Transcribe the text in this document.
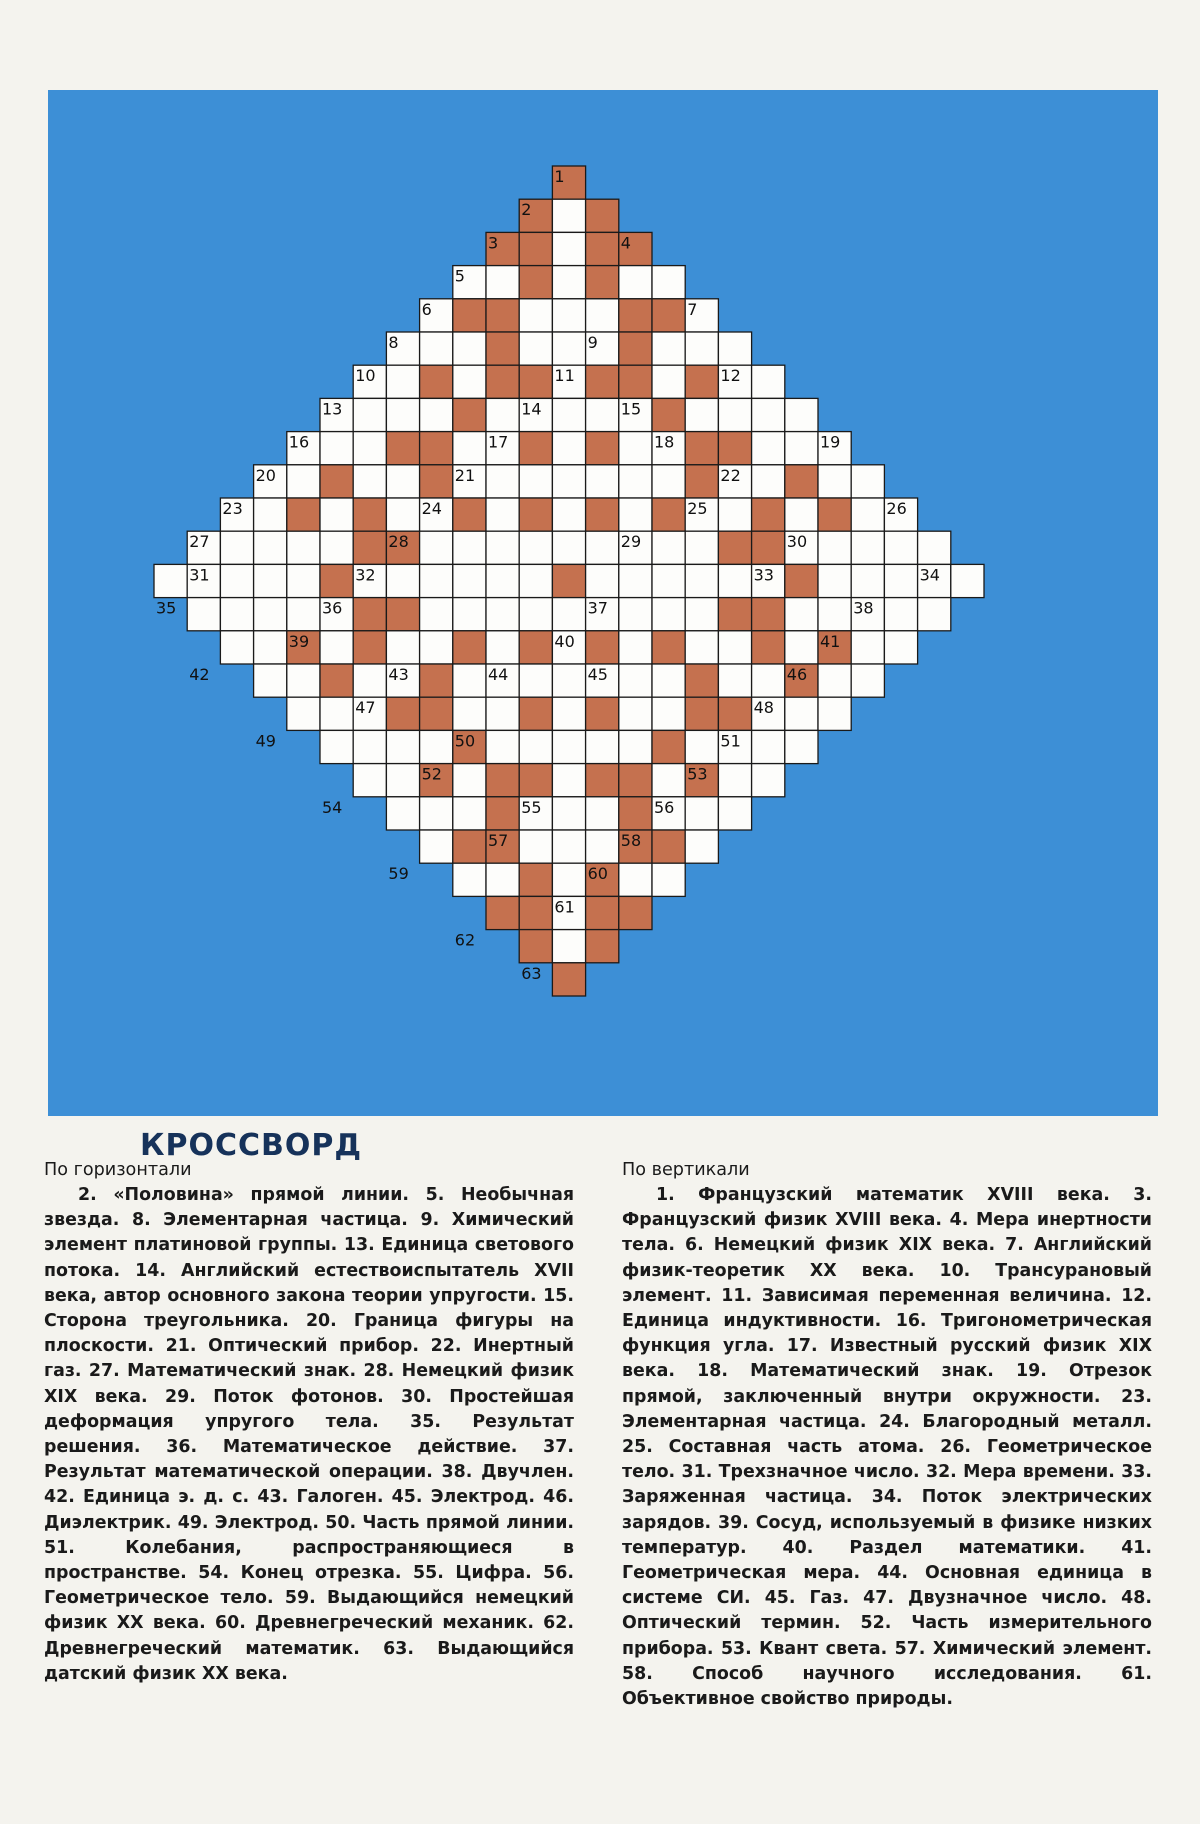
1
2
3	4
5
6	7
8	9
10	11	12
13	14	15
16	17	18	19
20	21	22
23	24	25	26
27	28	29	30
31	32	33	34
35	36	37	38
39	40	41
42	43	44	45	46
47	48
49	50	51
52	53
54	55	56
57	58
59	60
61
62
63
КРОССВОРД
По горизонтали

2. «Половина» прямой линии. 5. Необычная звезда. 8. Элементарная частица. 9. Химический элемент платиновой группы. 13. Единица светового потока. 14. Английский естествоиспытатель XVII века, автор основного закона теории упругости. 15. Сторона треугольника. 20. Граница фигуры на плоскости. 21. Оптический прибор. 22. Инертный газ. 27. Математический знак. 28. Немецкий физик XIX века. 29. Поток фотонов. 30. Простейшая деформация упругого тела. 35. Результат решения. 36. Математическое действие. 37. Результат математической операции. 38. Двучлен. 42. Единица э. д. с. 43. Галоген. 45. Электрод. 46. Диэлектрик. 49. Электрод. 50. Часть прямой линии. 51. Колебания, распространяющиеся в пространстве. 54. Конец отрезка. 55. Цифра. 56. Геометрическое тело. 59. Выдающийся немецкий физик XX века. 60. Древнегреческий механик. 62. Древнегреческий математик. 63. Выдающийся датский физик XX века.

По вертикали

1. Французский математик XVIII века. 3. Французский физик XVIII века. 4. Мера инертности тела. 6. Немецкий физик XIX века. 7. Английский физик-теоретик XX века. 10. Трансурановый элемент. 11. Зависимая переменная величина. 12. Единица индуктивности. 16. Тригонометрическая функция угла. 17. Известный русский физик XIX века. 18. Математический знак. 19. Отрезок прямой, заключенный внутри окружности. 23. Элементарная частица. 24. Благородный металл. 25. Составная часть атома. 26. Геометрическое тело. 31. Трехзначное число. 32. Мера времени. 33. Заряженная частица. 34. Поток электрических зарядов. 39. Сосуд, используемый в физике низких температур. 40. Раздел математики. 41. Геометрическая мера. 44. Основная единица в системе СИ. 45. Газ. 47. Двузначное число. 48. Оптический термин. 52. Часть измерительного прибора. 53. Квант света. 57. Химический элемент. 58. Способ научного исследования. 61. Объективное свойство природы.
